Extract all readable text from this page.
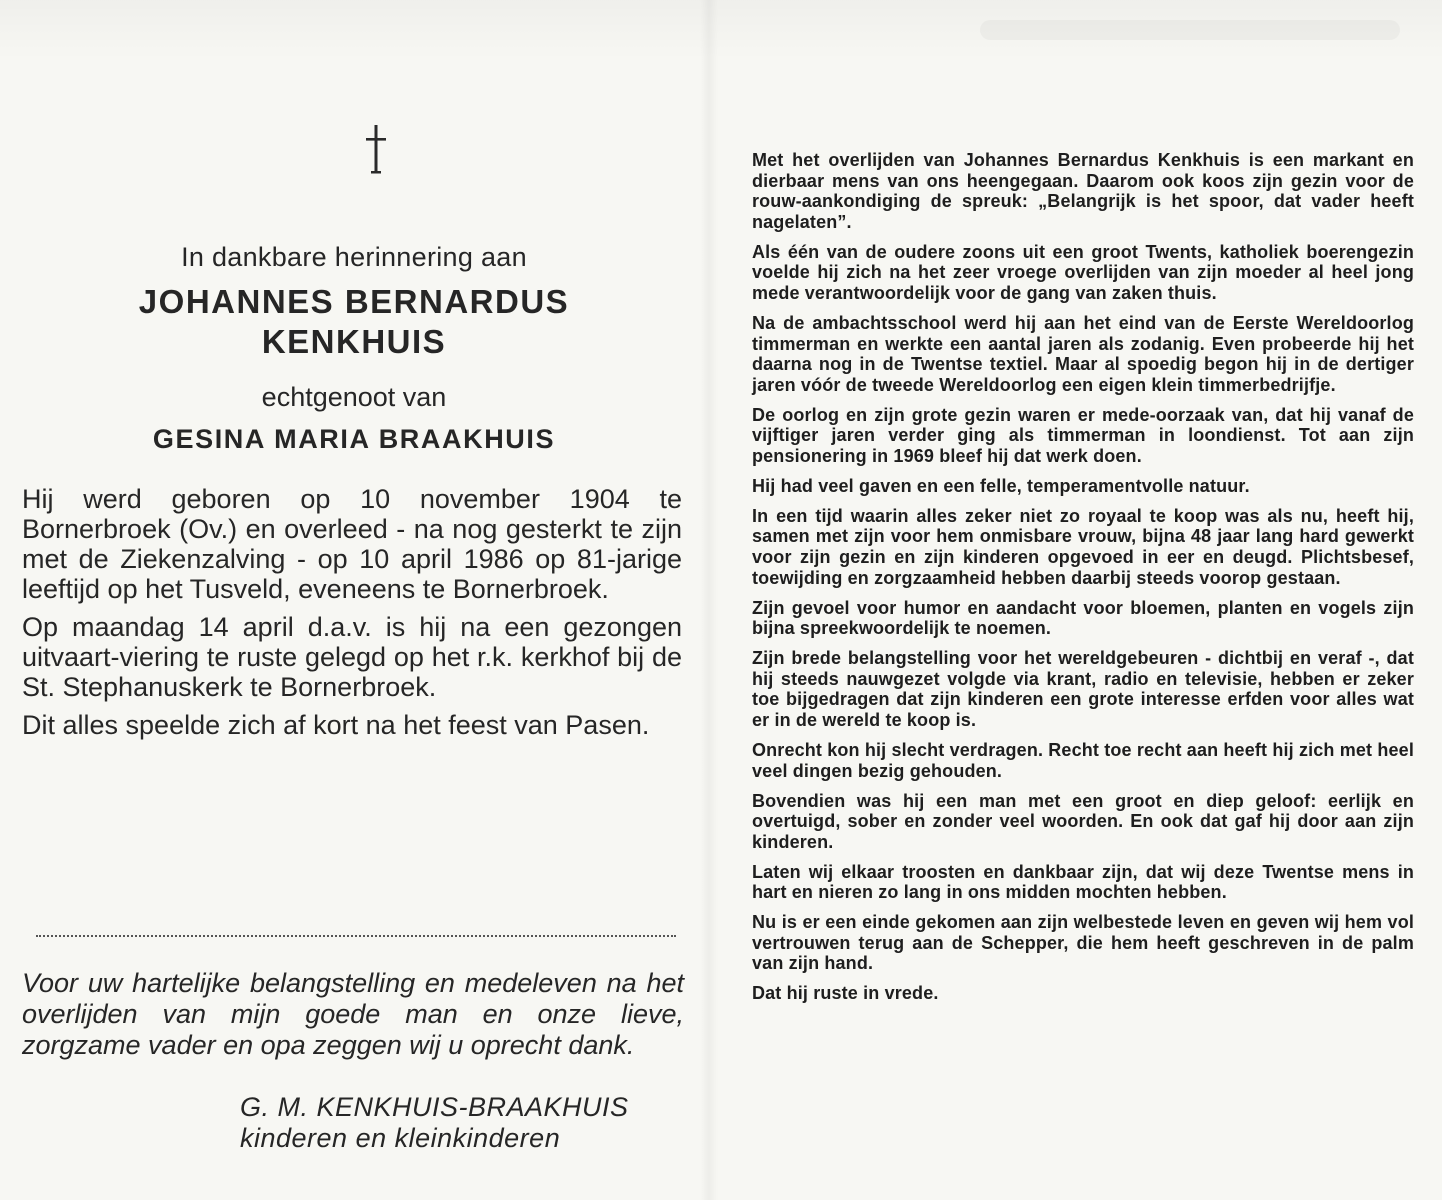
In dankbare herinnering aan
JOHANNES BERNARDUS
KENKHUIS
echtgenoot van
GESINA MARIA BRAAKHUIS

Hij werd geboren op 10 november 1904 te Bornerbroek (Ov.) en overleed - na nog gesterkt te zijn met de Ziekenzalving - op 10 april 1986 op 81-jarige leeftijd op het Tusveld, eveneens te Bornerbroek.

Op maandag 14 april d.a.v. is hij na een gezongen uitvaart-viering te ruste gelegd op het r.k. kerkhof bij de St. Stephanuskerk te Bornerbroek.

Dit alles speelde zich af kort na het feest van Pasen.

Voor uw hartelijke belangstelling en medeleven na het overlijden van mijn goede man en onze lieve, zorgzame vader en opa zeggen wij u oprecht dank.
G. M. KENKHUIS-BRAAKHUIS
kinderen en kleinkinderen

Met het overlijden van Johannes Bernardus Kenkhuis is een markant en dierbaar mens van ons heengegaan. Daarom ook koos zijn gezin voor de rouw-aankondiging de spreuk: „Belangrijk is het spoor, dat vader heeft nagelaten”.

Als één van de oudere zoons uit een groot Twents, katholiek boerengezin voelde hij zich na het zeer vroege overlijden van zijn moeder al heel jong mede verantwoordelijk voor de gang van zaken thuis.

Na de ambachtsschool werd hij aan het eind van de Eerste Wereldoorlog timmerman en werkte een aantal jaren als zodanig. Even probeerde hij het daarna nog in de Twentse textiel. Maar al spoedig begon hij in de dertiger jaren vóór de tweede Wereldoorlog een eigen klein timmerbedrijfje.

De oorlog en zijn grote gezin waren er mede-oorzaak van, dat hij vanaf de vijftiger jaren verder ging als timmerman in loondienst. Tot aan zijn pensionering in 1969 bleef hij dat werk doen.

Hij had veel gaven en een felle, temperamentvolle natuur.

In een tijd waarin alles zeker niet zo royaal te koop was als nu, heeft hij, samen met zijn voor hem onmisbare vrouw, bijna 48 jaar lang hard gewerkt voor zijn gezin en zijn kinderen opgevoed in eer en deugd. Plichtsbesef, toewijding en zorgzaamheid hebben daarbij steeds voorop gestaan.

Zijn gevoel voor humor en aandacht voor bloemen, planten en vogels zijn bijna spreekwoordelijk te noemen.

Zijn brede belangstelling voor het wereldgebeuren - dichtbij en veraf -, dat hij steeds nauwgezet volgde via krant, radio en televisie, hebben er zeker toe bijgedragen dat zijn kinderen een grote interesse erfden voor alles wat er in de wereld te koop is.

Onrecht kon hij slecht verdragen. Recht toe recht aan heeft hij zich met heel veel dingen bezig gehouden.

Bovendien was hij een man met een groot en diep geloof: eerlijk en overtuigd, sober en zonder veel woorden. En ook dat gaf hij door aan zijn kinderen.

Laten wij elkaar troosten en dankbaar zijn, dat wij deze Twentse mens in hart en nieren zo lang in ons midden mochten hebben.

Nu is er een einde gekomen aan zijn welbestede leven en geven wij hem vol vertrouwen terug aan de Schepper, die hem heeft geschreven in de palm van zijn hand.

Dat hij ruste in vrede.
